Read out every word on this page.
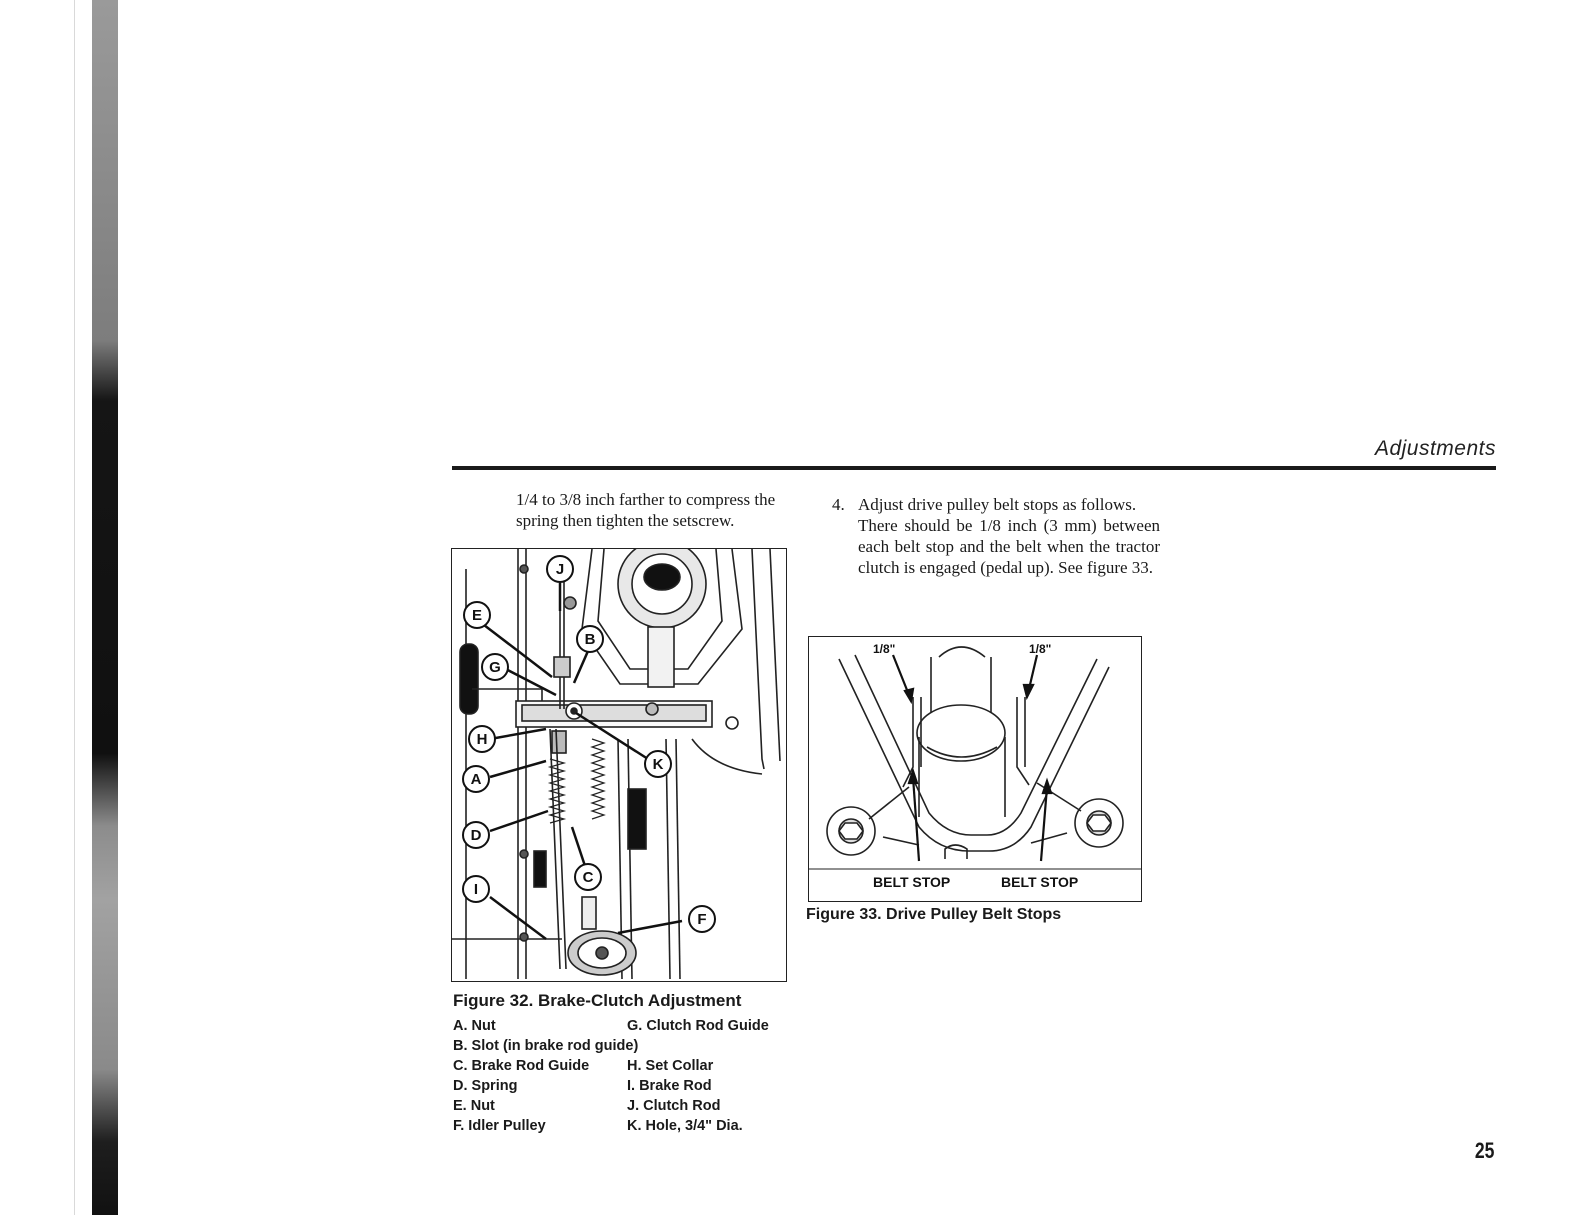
Adjustments
1/4 to 3/8 inch farther to compress the spring then tighten the setscrew.
4. Adjust drive pulley belt stops as follows.
There should be 1/8 inch (3 mm) between each belt stop and the belt when the tractor clutch is engaged (pedal up). See figure 33.
J
E
B
G
H
K
A
D
C
I
F
Figure 32. Brake-Clutch Adjustment
A. Nut	G. Clutch Rod Guide
B. Slot (in brake rod guide)
C. Brake Rod Guide	H. Set Collar
D. Spring	I. Brake Rod
E. Nut	J. Clutch Rod
F. Idler Pulley	K. Hole, 3/4" Dia.
1/8"	1/8"
BELT STOP	BELT STOP
Figure 33. Drive Pulley Belt Stops
25
